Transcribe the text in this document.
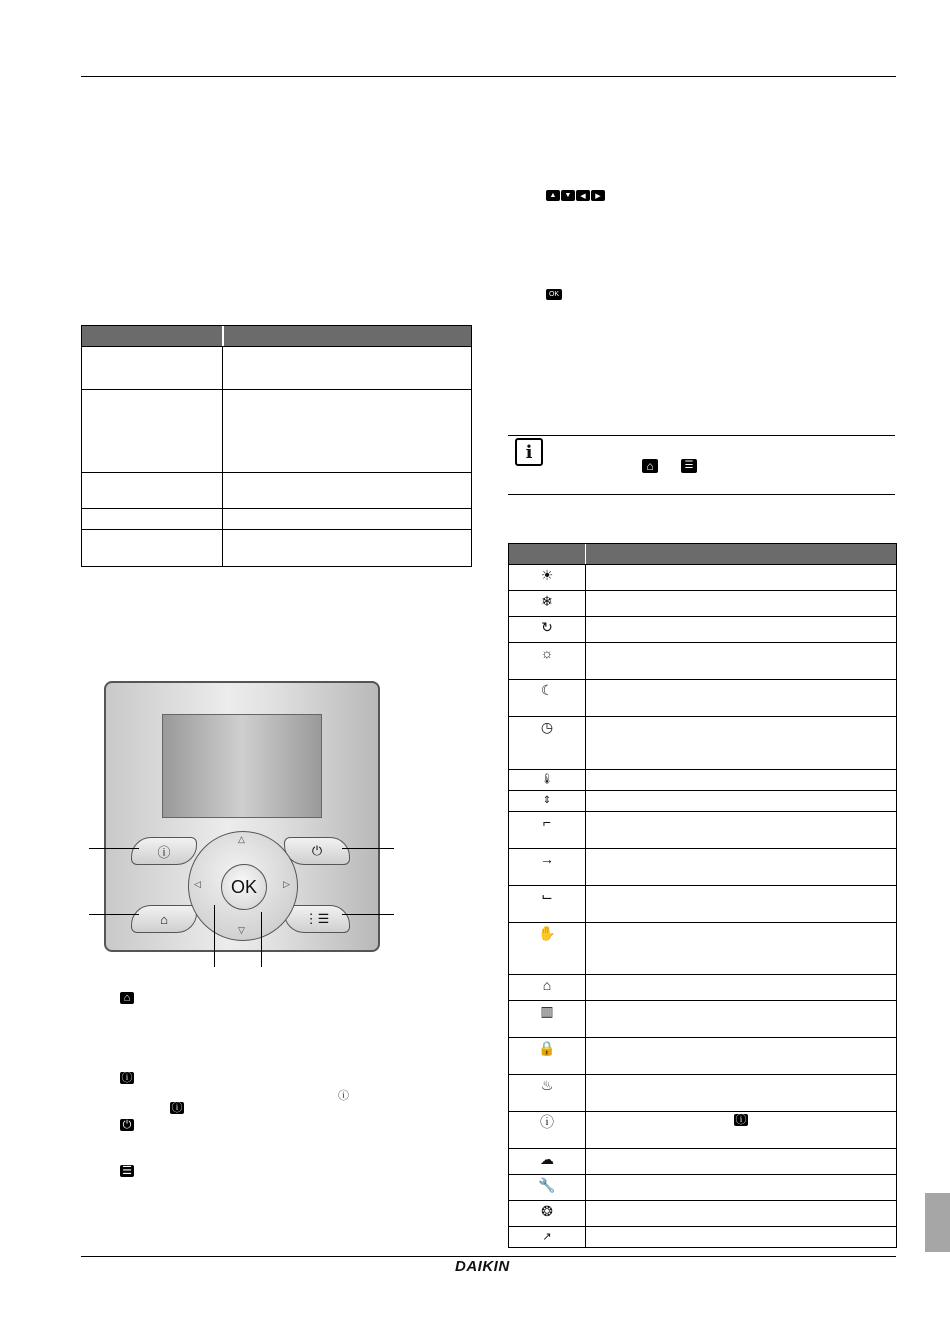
DAIKIN
▲	▼	◀	▶
OK
i
⌂	☰
ⓘ
⌂
⏻
⋮☰
△
▽
◁	▷
OK
⌂
ⓘ
ⓘ
ⓘ
⏻
☰
☀
❄
↻
☼
☾
◷
🌡
⇕
⌐
→
⌙
✋
⌂
▥
🔒
♨
ⓘ	ⓘ
☁
🔧
❂
↗
